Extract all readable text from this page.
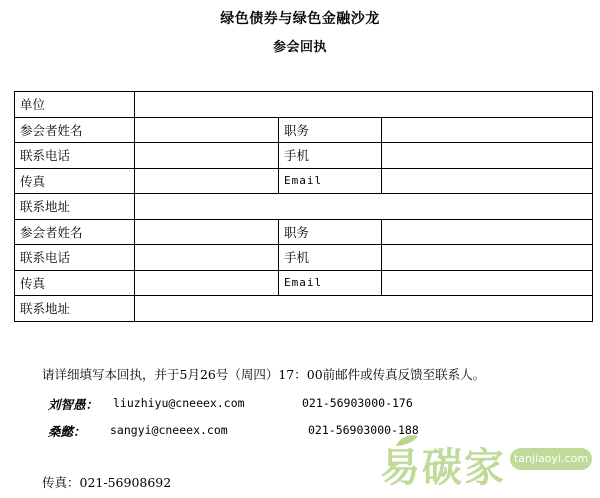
绿色债券与绿色金融沙龙
参会回执
单位			
参会者姓名		职务	
联系电话		手机	
传真		Email	
联系地址			
参会者姓名		职务	
联系电话		手机	
传真		Email	
联系地址			
请详细填写本回执，并于5月26号（周四）17：00前邮件或传真反馈至联系人。
刘智愚： liuzhiyu@cneeex.com	021-56903000-176
桑懿： sangyi@cneeex.com	021-56903000-188
传真：021-56908692	易碳家 tanjiaoyi.com
